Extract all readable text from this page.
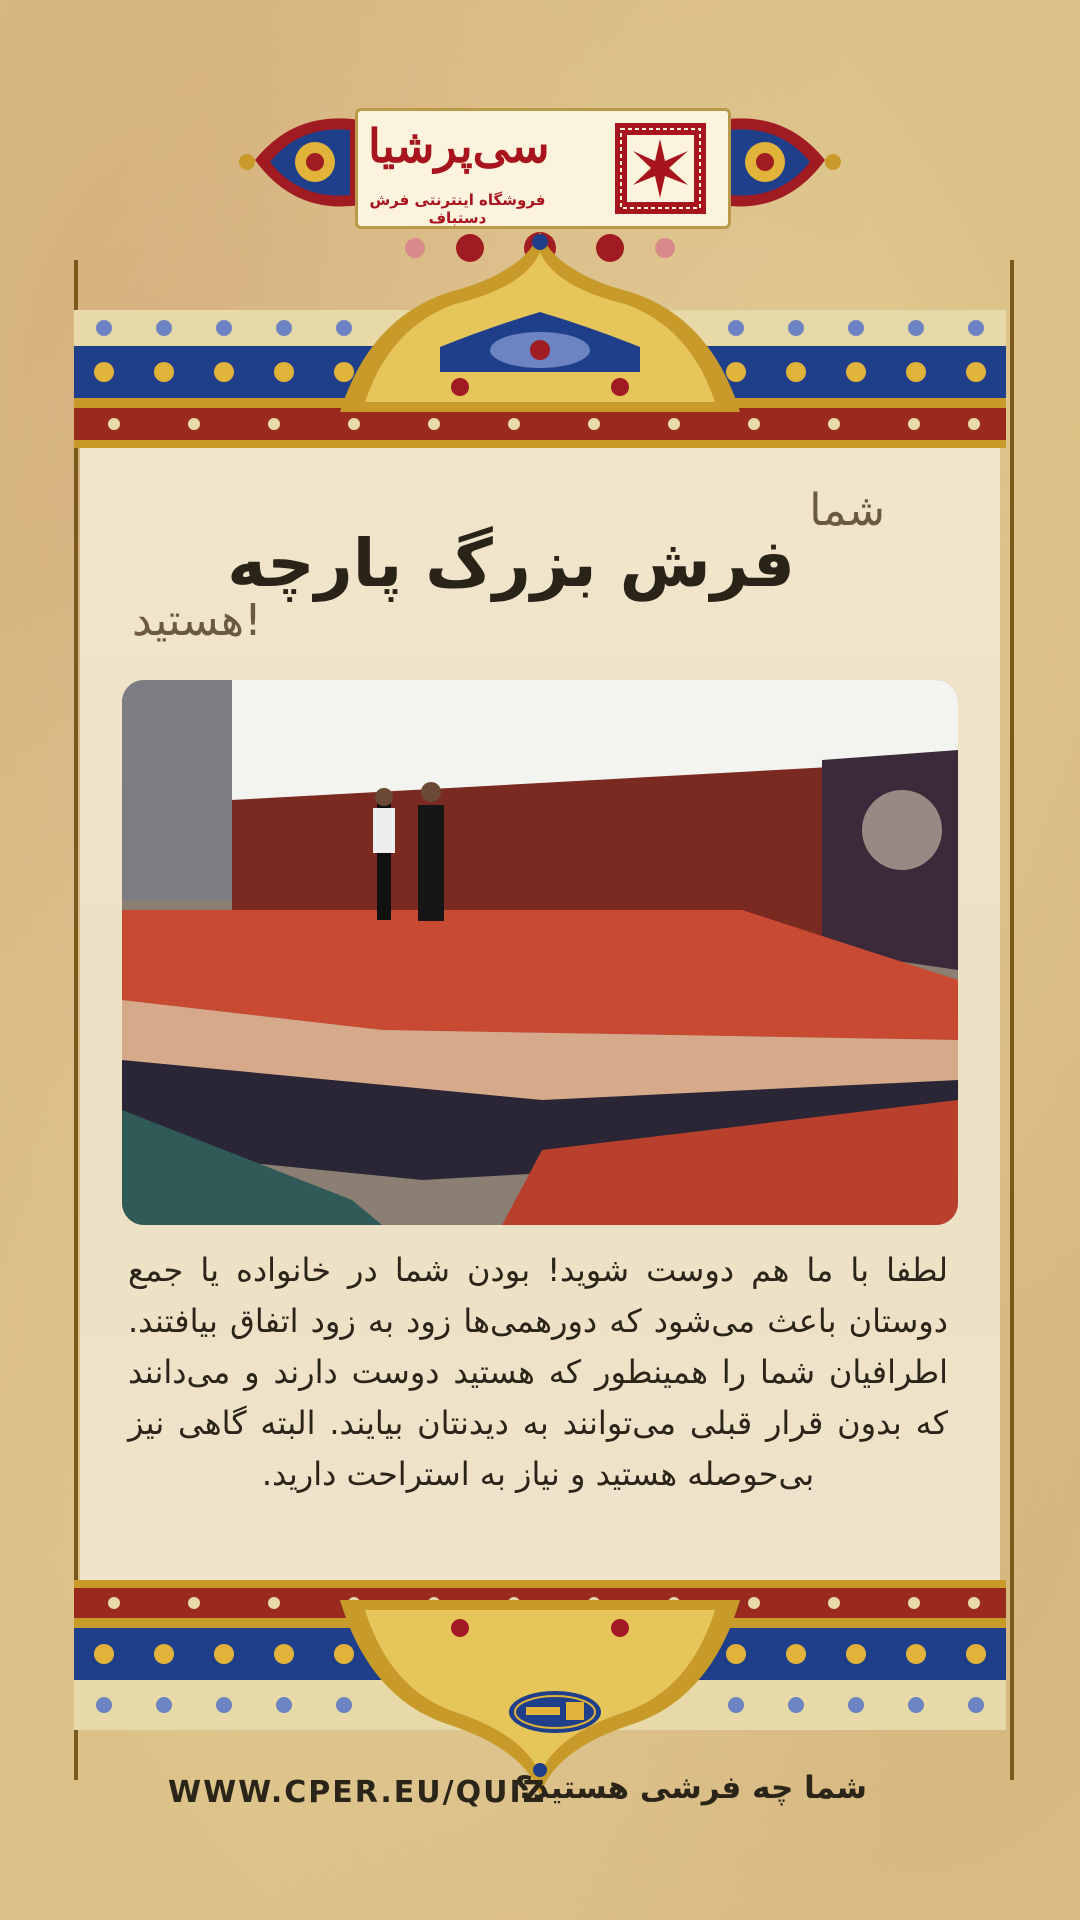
سی‌پرشیا
فروشگاه اینترنتی فرش دستباف
شما
فرش بزرگ پارچه
هستید!
لطفا با ما هم دوست شوید! بودن شما در خانواده یا جمع دوستان باعث می‌شود که دورهمی‌ها زود به زود اتفاق بیافتند. اطرافیان شما را همینطور که هستید دوست دارند و می‌دانند که بدون قرار قبلی می‌توانند به دیدنتان بیایند. البته گاهی نیز بی‌حوصله هستید و نیاز به استراحت دارید.
WWW.CPER.EU/QUIZ
شما چه فرشی هستید؟
